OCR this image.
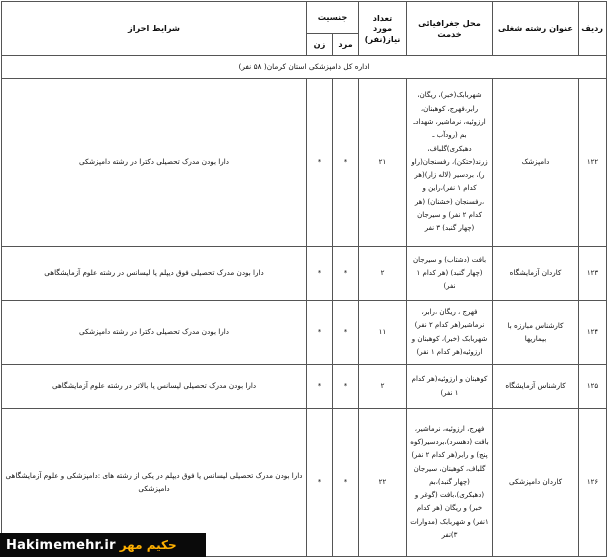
ردیف	عنوان رشته شغلی	محل جغرافیائی خدمت	تعداد مورد نیاز(نفر)	جنسیت		شرایط احراز
				مرد	زن	
اداره کل دامپزشکی استان کرمان( ۵۸ نفر)						
۱۲۲	دامپزشک	شهربابک(خبر)، ریگان، رابر،فهرج، کوهبنان، ارزوئیه، نرماشیر، شهدادـ بم (رودآب ـ دهبکری)گلباف، زرند(حتکن)، رفسنجان(راو ر)، بردسیر (لاله زار)(هر کدام ۱ نفر)،راین و ،رفسنجان (خشنان) (هر کدام ۲ نفر) و سیرجان (چهار گنبد) ۳ نفر	۲۱	*	*	دارا بودن مدرک تحصیلی دکترا در رشته دامپزشکی
۱۲۳	کاردان آزمایشگاه	بافت (دشتاب) و سیرجان (چهار گنبد) (هر کدام ۱ نفر)	۲	*	*	دارا بودن مدرک تحصیلی فوق دیپلم یا لیسانس در رشته علوم آزمایشگاهی
۱۲۴	کارشناس مبارزه با بیماریها	فهرج ، ریگان ،رابر، نرماشیر(هر کدام ۲ نفر) شهربابک (خبر)، کوهبنان و ارزوئیه(هر کدام ۱ نفر)	۱۱	*	*	دارا بودن مدرک تحصیلی دکترا در رشته دامپزشکی
۱۲۵	کارشناس آزمایشگاه	کوهبنان و ارزوئیه(هر کدام ۱ نفر)	۲	*	*	دارا بودن مدرک تحصیلی لیسانس یا بالاتر در رشته علوم آزمایشگاهی
۱۲۶	کاردان دامپزشکی	فهرج، ارزوئیه، نرماشیر، بافت (دهسرد)،بردسیر(کوه پنج) و رابر(هر کدام ۲ نفر) گلباف، کوهبنان، سیرجان (چهار گنبد)،بم (دهبکری)،بافت (گوغر و خبر) و ریگان (هر کدام ۱نفر) و شهربابک (مدوارات ۳)نفر	۲۲	*	*	دارا بودن مدرک تحصیلی لیسانس یا فوق دیپلم در یکی از رشته های :دامپزشکی و علوم آزمایشگاهی دامپزشکی
Hakimemehr.ir حکیم مهر
